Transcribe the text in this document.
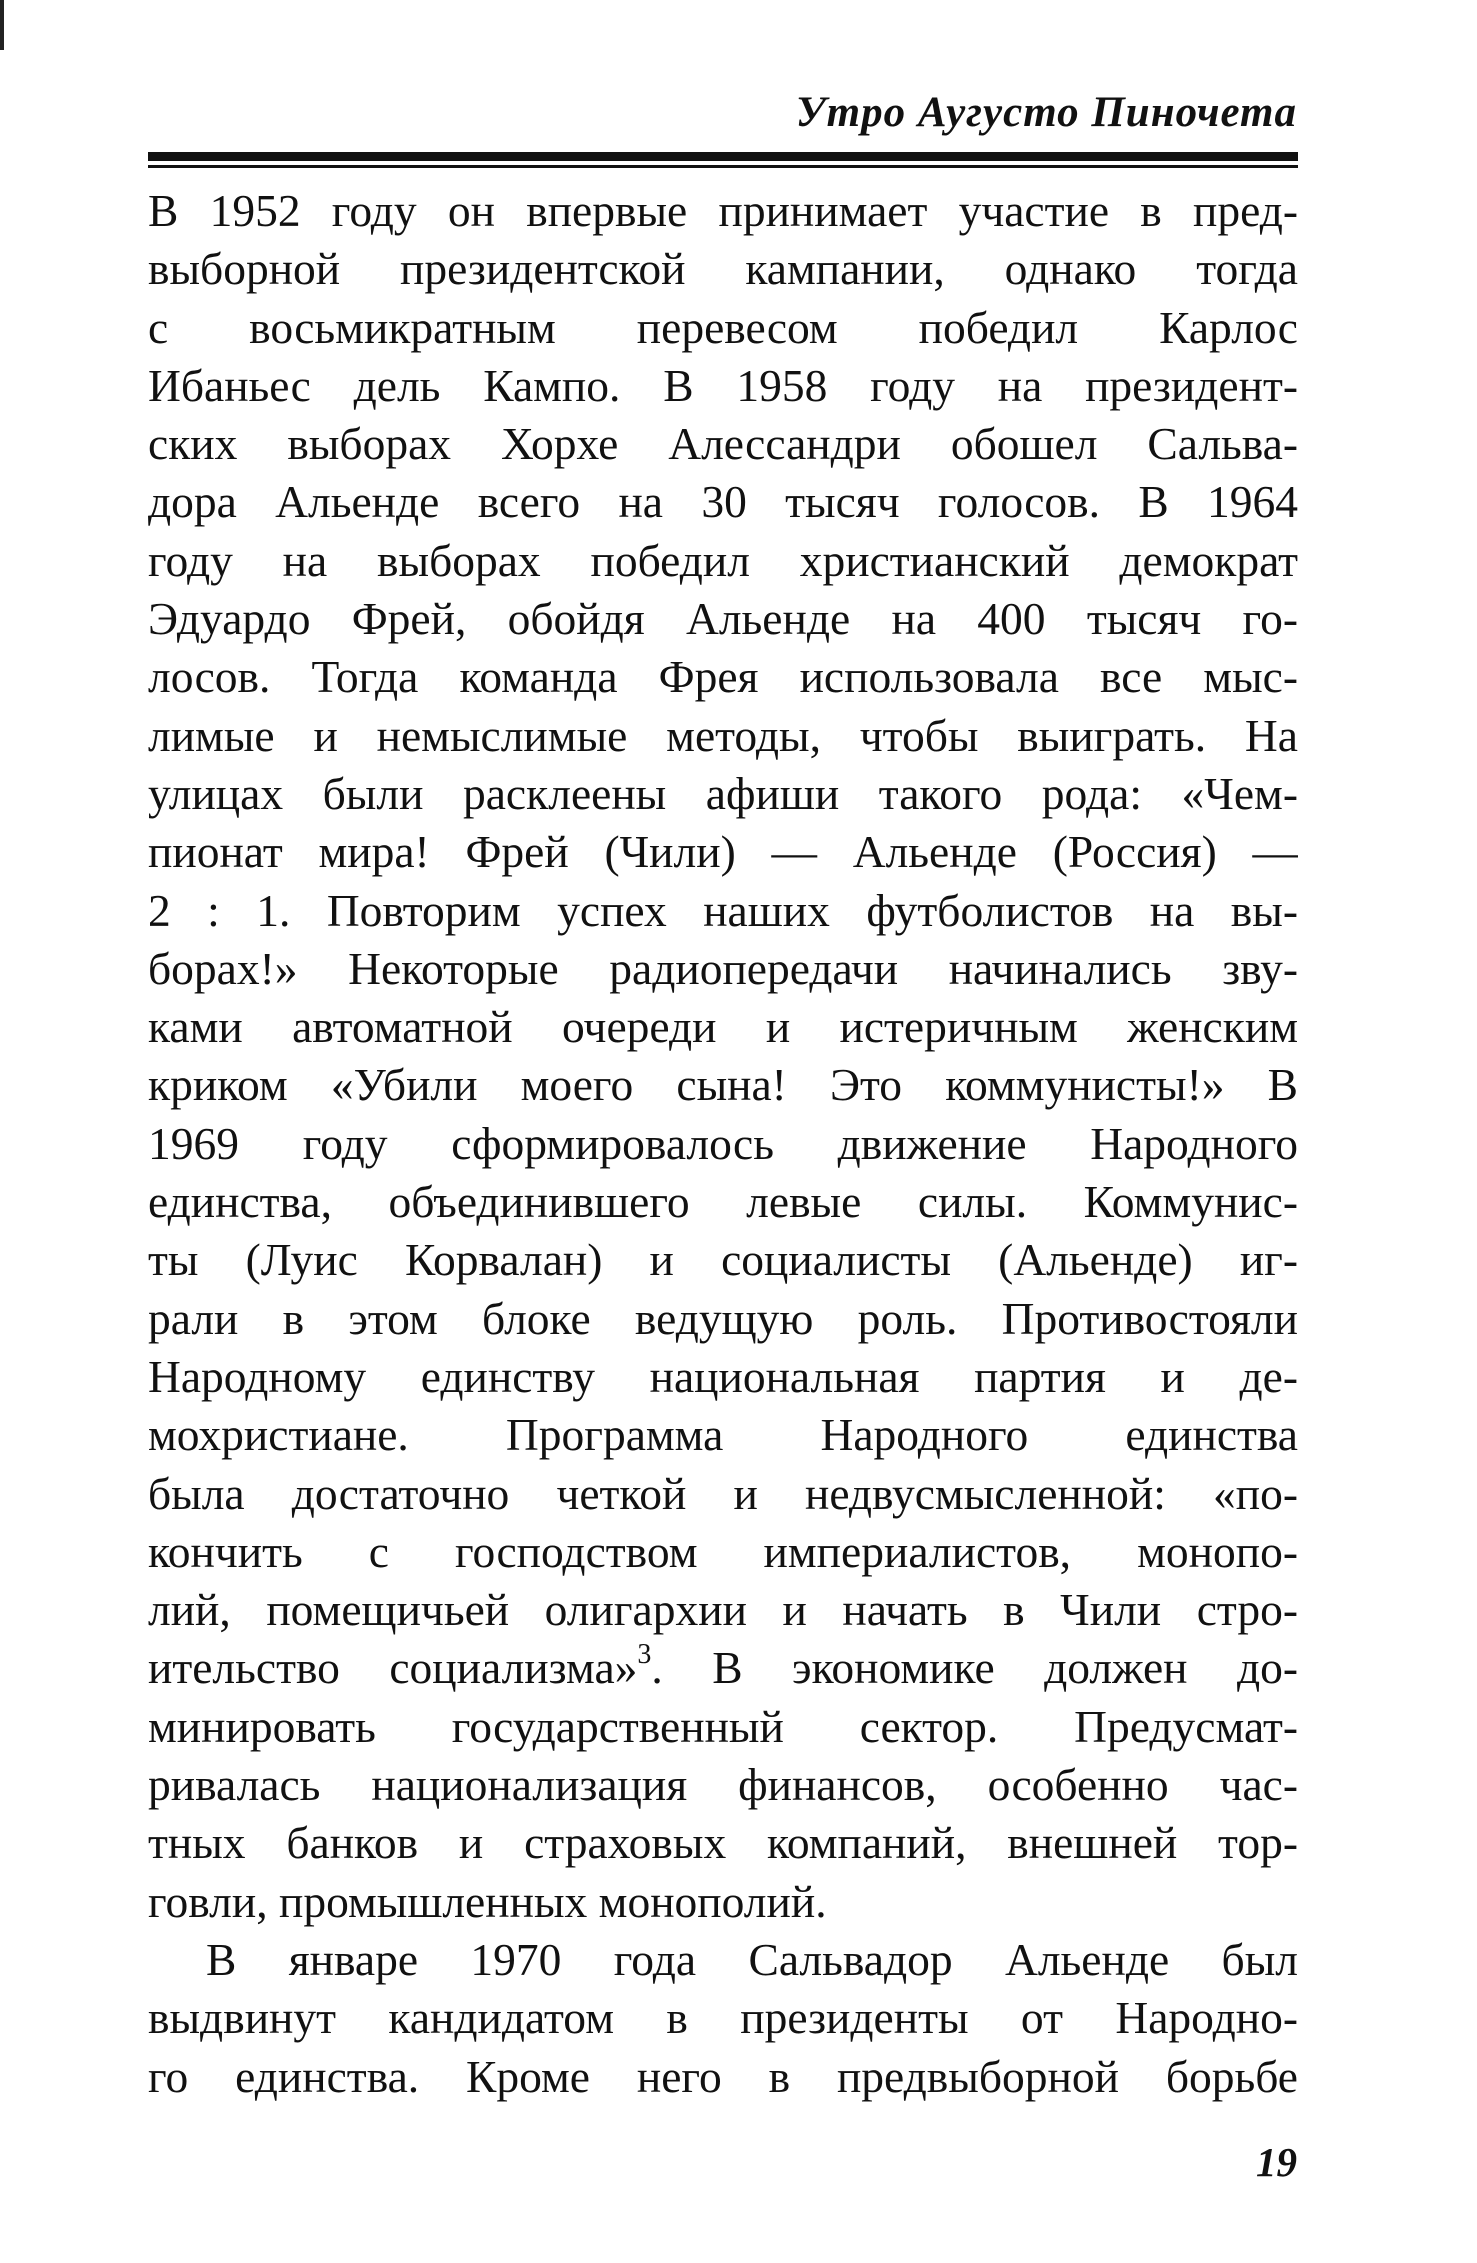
Утро Аугусто Пиночета
В 1952 году он впервые принимает участие в пред-
выборной президентской кампании, однако тогда
с восьмикратным перевесом победил Карлос
Ибаньес дель Кампо. В 1958 году на президент-
ских выборах Хорхе Алессандри обошел Сальва-
дора Альенде всего на 30 тысяч голосов. В 1964
году на выборах победил христианский демократ
Эдуардо Фрей, обойдя Альенде на 400 тысяч го-
лосов. Тогда команда Фрея использовала все мыс-
лимые и немыслимые методы, чтобы выиграть. На
улицах были расклеены афиши такого рода: «Чем-
пионат мира! Фрей (Чили) — Альенде (Россия) —
2 : 1. Повторим успех наших футболистов на вы-
борах!» Некоторые радиопередачи начинались зву-
ками автоматной очереди и истеричным женским
криком «Убили моего сына! Это коммунисты!» В
1969 году сформировалось движение Народного
единства, объединившего левые силы. Коммунис-
ты (Луис Корвалан) и социалисты (Альенде) иг-
рали в этом блоке ведущую роль. Противостояли
Народному единству национальная партия и де-
мохристиане. Программа Народного единства
была достаточно четкой и недвусмысленной: «по-
кончить с господством империалистов, монопо-
лий, помещичьей олигархии и начать в Чили стро-
ительство социализма»$^3$. В экономике должен до-
минировать государственный сектор. Предусмат-
ривалась национализация финансов, особенно час-
тных банков и страховых компаний, внешней тор-
говли, промышленных монополий.
В январе 1970 года Сальвадор Альенде был
выдвинут кандидатом в президенты от Народно-
го единства. Кроме него в предвыборной борьбе
19
